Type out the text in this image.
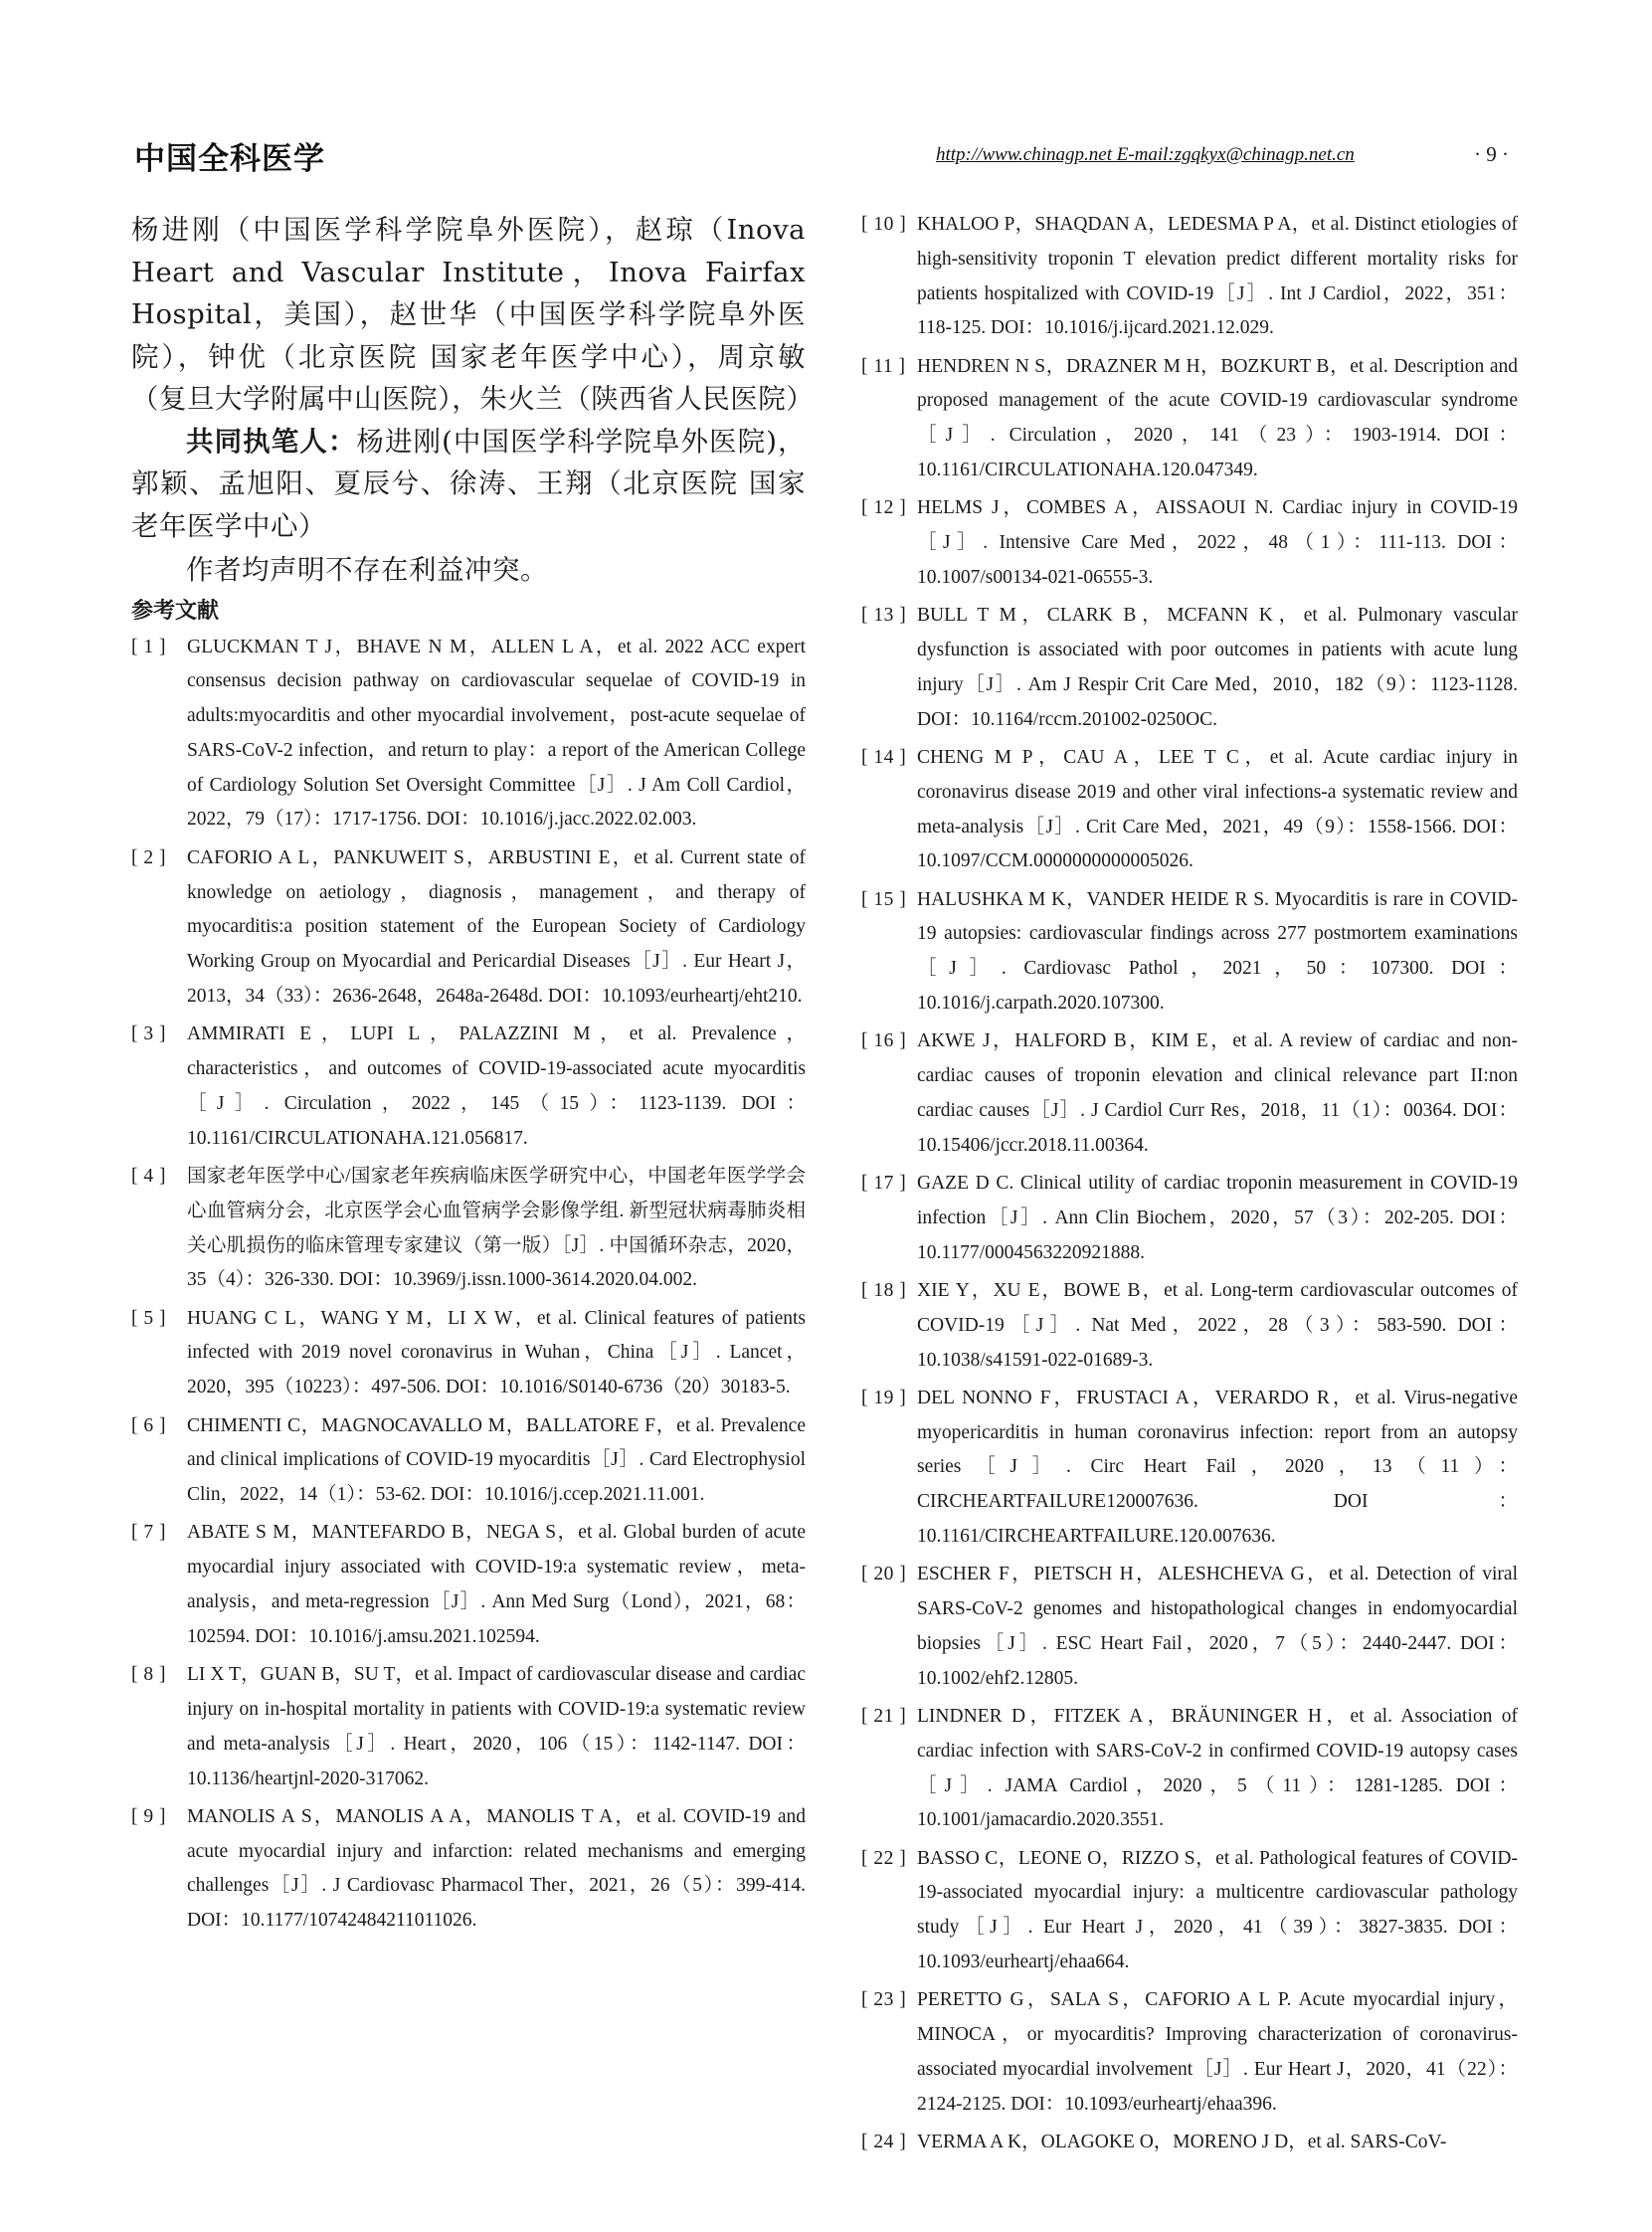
中国全科医学	http://www.chinagp.net E-mail:zgqkyx@chinagp.net.cn	· 9 ·

杨进刚（中国医学科学院阜外医院），赵琼（Inova Heart and Vascular Institute，Inova Fairfax Hospital，美国），赵世华（中国医学科学院阜外医院），钟优（北京医院 国家老年医学中心），周京敏（复旦大学附属中山医院），朱火兰（陕西省人民医院）

共同执笔人：杨进刚(中国医学科学院阜外医院)，郭颖、孟旭阳、夏辰兮、徐涛、王翔（北京医院 国家老年医学中心）

作者均声明不存在利益冲突。

参考文献
[ 1 ] GLUCKMAN T J，BHAVE N M，ALLEN L A，et al. 2022 ACC expert consensus decision pathway on cardiovascular sequelae of COVID-19 in adults:myocarditis and other myocardial involvement，post-acute sequelae of SARS-CoV-2 infection，and return to play：a report of the American College of Cardiology Solution Set Oversight Committee［J］. J Am Coll Cardiol，2022，79（17）：1717-1756. DOI：10.1016/j.jacc.2022.02.003.
[ 2 ] CAFORIO A L，PANKUWEIT S，ARBUSTINI E，et al. Current state of knowledge on aetiology，diagnosis，management，and therapy of myocarditis:a position statement of the European Society of Cardiology Working Group on Myocardial and Pericardial Diseases［J］. Eur Heart J，2013，34（33）：2636-2648，2648a-2648d. DOI：10.1093/eurheartj/eht210.
[ 3 ] AMMIRATI E，LUPI L，PALAZZINI M，et al. Prevalence，characteristics，and outcomes of COVID-19-associated acute myocarditis［J］. Circulation，2022，145（15）：1123-1139. DOI：10.1161/CIRCULATIONAHA.121.056817.
[ 4 ] 国家老年医学中心/国家老年疾病临床医学研究中心，中国老年医学学会心血管病分会，北京医学会心血管病学会影像学组. 新型冠状病毒肺炎相关心肌损伤的临床管理专家建议（第一版）［J］. 中国循环杂志，2020，35（4）：326-330. DOI：10.3969/j.issn.1000-3614.2020.04.002.
[ 5 ] HUANG C L，WANG Y M，LI X W，et al. Clinical features of patients infected with 2019 novel coronavirus in Wuhan，China［J］. Lancet，2020，395（10223）：497-506. DOI：10.1016/S0140-6736（20）30183-5.
[ 6 ] CHIMENTI C，MAGNOCAVALLO M，BALLATORE F，et al. Prevalence and clinical implications of COVID-19 myocarditis［J］. Card Electrophysiol Clin，2022，14（1）：53-62. DOI：10.1016/j.ccep.2021.11.001.
[ 7 ] ABATE S M，MANTEFARDO B，NEGA S，et al. Global burden of acute myocardial injury associated with COVID-19:a systematic review，meta-analysis，and meta-regression［J］. Ann Med Surg（Lond），2021，68：102594. DOI：10.1016/j.amsu.2021.102594.
[ 8 ] LI X T，GUAN B，SU T，et al. Impact of cardiovascular disease and cardiac injury on in-hospital mortality in patients with COVID-19:a systematic review and meta-analysis［J］. Heart，2020，106（15）：1142-1147. DOI：10.1136/heartjnl-2020-317062.
[ 9 ] MANOLIS A S，MANOLIS A A，MANOLIS T A，et al. COVID-19 and acute myocardial injury and infarction: related mechanisms and emerging challenges［J］. J Cardiovasc Pharmacol Ther，2021，26（5）：399-414. DOI：10.1177/10742484211011026.
[ 10 ] KHALOO P，SHAQDAN A，LEDESMA P A，et al. Distinct etiologies of high-sensitivity troponin T elevation predict different mortality risks for patients hospitalized with COVID-19［J］. Int J Cardiol，2022，351：118-125. DOI：10.1016/j.ijcard.2021.12.029.
[ 11 ] HENDREN N S，DRAZNER M H，BOZKURT B，et al. Description and proposed management of the acute COVID-19 cardiovascular syndrome［J］. Circulation，2020，141（23）：1903-1914. DOI：10.1161/CIRCULATIONAHA.120.047349.
[ 12 ] HELMS J，COMBES A，AISSAOUI N. Cardiac injury in COVID-19［J］. Intensive Care Med，2022，48（1）：111-113. DOI：10.1007/s00134-021-06555-3.
[ 13 ] BULL T M，CLARK B，MCFANN K，et al. Pulmonary vascular dysfunction is associated with poor outcomes in patients with acute lung injury［J］. Am J Respir Crit Care Med，2010，182（9）：1123-1128. DOI：10.1164/rccm.201002-0250OC.
[ 14 ] CHENG M P，CAU A，LEE T C，et al. Acute cardiac injury in coronavirus disease 2019 and other viral infections-a systematic review and meta-analysis［J］. Crit Care Med，2021，49（9）：1558-1566. DOI：10.1097/CCM.0000000000005026.
[ 15 ] HALUSHKA M K，VANDER HEIDE R S. Myocarditis is rare in COVID-19 autopsies: cardiovascular findings across 277 postmortem examinations［J］. Cardiovasc Pathol，2021，50：107300. DOI：10.1016/j.carpath.2020.107300.
[ 16 ] AKWE J，HALFORD B，KIM E，et al. A review of cardiac and non-cardiac causes of troponin elevation and clinical relevance part II:non cardiac causes［J］. J Cardiol Curr Res，2018，11（1）：00364. DOI：10.15406/jccr.2018.11.00364.
[ 17 ] GAZE D C. Clinical utility of cardiac troponin measurement in COVID-19 infection［J］. Ann Clin Biochem，2020，57（3）：202-205. DOI：10.1177/0004563220921888.
[ 18 ] XIE Y，XU E，BOWE B，et al. Long-term cardiovascular outcomes of COVID-19［J］. Nat Med，2022，28（3）：583-590. DOI：10.1038/s41591-022-01689-3.
[ 19 ] DEL NONNO F，FRUSTACI A，VERARDO R，et al. Virus-negative myopericarditis in human coronavirus infection: report from an autopsy series［J］. Circ Heart Fail，2020，13（11）：CIRCHEARTFAILURE120007636. DOI：10.1161/CIRCHEARTFAILURE.120.007636.
[ 20 ] ESCHER F，PIETSCH H，ALESHCHEVA G，et al. Detection of viral SARS-CoV-2 genomes and histopathological changes in endomyocardial biopsies［J］. ESC Heart Fail，2020，7（5）：2440-2447. DOI：10.1002/ehf2.12805.
[ 21 ] LINDNER D，FITZEK A，BRÄUNINGER H，et al. Association of cardiac infection with SARS-CoV-2 in confirmed COVID-19 autopsy cases［J］. JAMA Cardiol，2020，5（11）：1281-1285. DOI：10.1001/jamacardio.2020.3551.
[ 22 ] BASSO C，LEONE O，RIZZO S，et al. Pathological features of COVID-19-associated myocardial injury: a multicentre cardiovascular pathology study［J］. Eur Heart J，2020，41（39）：3827-3835. DOI：10.1093/eurheartj/ehaa664.
[ 23 ] PERETTO G，SALA S，CAFORIO A L P. Acute myocardial injury，MINOCA，or myocarditis? Improving characterization of coronavirus-associated myocardial involvement［J］. Eur Heart J，2020，41（22）：2124-2125. DOI：10.1093/eurheartj/ehaa396.
[ 24 ] VERMA A K，OLAGOKE O，MORENO J D，et al. SARS-CoV-
